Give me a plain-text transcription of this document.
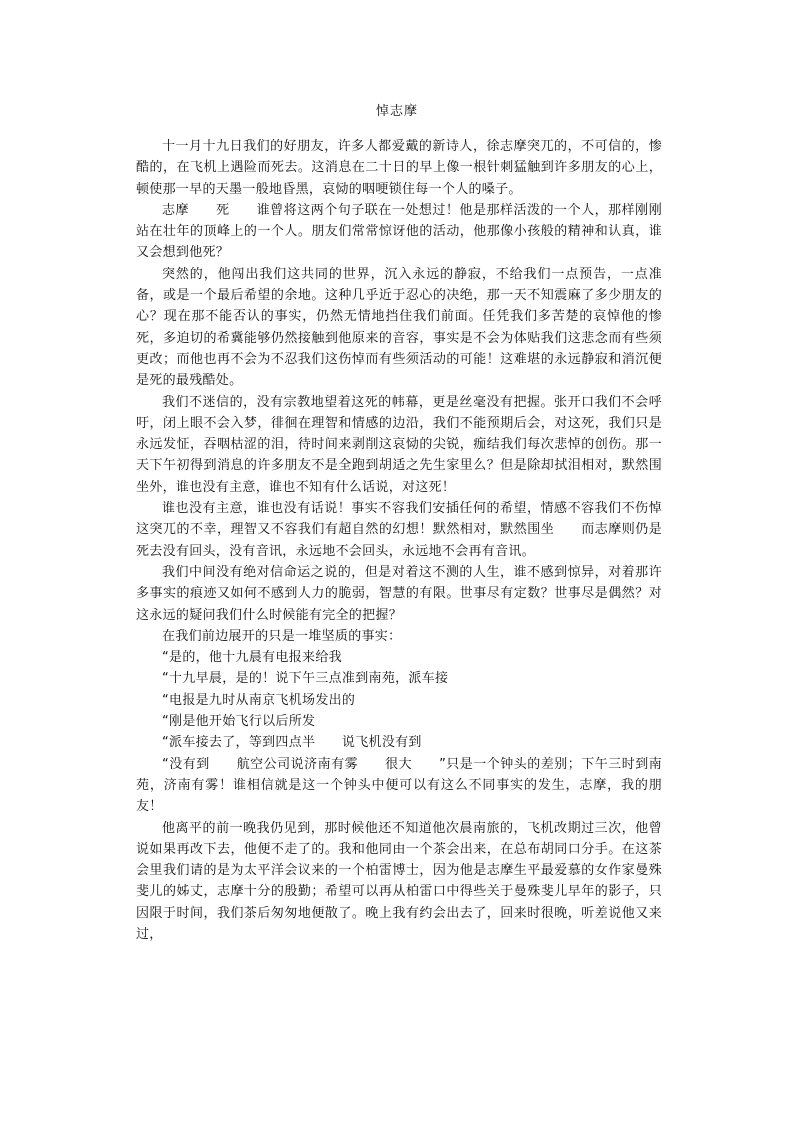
悼志摩

十一月十九日我们的好朋友，许多人都爱戴的新诗人，徐志摩突兀的，不可信的，惨酷的，在飞机上遇险而死去。这消息在二十日的早上像一根针刺猛触到许多朋友的心上，顿使那一早的天墨一般地昏黑，哀恸的咽哽锁住每一个人的嗓子。

志摩　　死　　谁曾将这两个句子联在一处想过！他是那样活泼的一个人，那样刚刚站在壮年的顶峰上的一个人。朋友们常常惊讶他的活动，他那像小孩般的精神和认真，谁又会想到他死？

突然的，他闯出我们这共同的世界，沉入永远的静寂，不给我们一点预告，一点准备，或是一个最后希望的余地。这种几乎近于忍心的决绝，那一天不知震麻了多少朋友的心？现在那不能否认的事实，仍然无情地挡住我们前面。任凭我们多苦楚的哀悼他的惨死，多迫切的希冀能够仍然接触到他原来的音容，事实是不会为体贴我们这悲念而有些须更改；而他也再不会为不忍我们这伤悼而有些须活动的可能！这难堪的永远静寂和消沉便是死的最残酷处。

我们不迷信的，没有宗教地望着这死的帏幕，更是丝毫没有把握。张开口我们不会呼吁，闭上眼不会入梦，徘徊在理智和情感的边沿，我们不能预期后会，对这死，我们只是永远发怔，吞咽枯涩的泪，待时间来剥削这哀恸的尖锐，痂结我们每次悲悼的创伤。那一天下午初得到消息的许多朋友不是全跑到胡适之先生家里么？但是除却拭泪相对，默然围坐外，谁也没有主意，谁也不知有什么话说，对这死！

谁也没有主意，谁也没有话说！事实不容我们安插任何的希望，情感不容我们不伤悼这突兀的不幸，理智又不容我们有超自然的幻想！默然相对，默然围坐　　而志摩则仍是死去没有回头，没有音讯，永远地不会回头，永远地不会再有音讯。

我们中间没有绝对信命运之说的，但是对着这不测的人生，谁不感到惊异，对着那许多事实的痕迹又如何不感到人力的脆弱，智慧的有限。世事尽有定数？世事尽是偶然？对这永远的疑问我们什么时候能有完全的把握？

在我们前边展开的只是一堆坚质的事实：

“是的，他十九晨有电报来给我

“十九早晨，是的！说下午三点准到南苑，派车接

“电报是九时从南京飞机场发出的

“刚是他开始飞行以后所发

“派车接去了，等到四点半　　说飞机没有到

“没有到　　航空公司说济南有雾　　很大　　”只是一个钟头的差别；下午三时到南苑，济南有雾！谁相信就是这一个钟头中便可以有这么不同事实的发生，志摩，我的朋友！

他离平的前一晚我仍见到，那时候他还不知道他次晨南旅的，飞机改期过三次，他曾说如果再改下去，他便不走了的。我和他同由一个茶会出来，在总布胡同口分手。在这茶会里我们请的是为太平洋会议来的一个柏雷博士，因为他是志摩生平最爱慕的女作家曼殊斐儿的姊丈，志摩十分的殷勤；希望可以再从柏雷口中得些关于曼殊斐儿早年的影子，只因限于时间，我们茶后匆匆地便散了。晚上我有约会出去了，回来时很晚，听差说他又来过，
